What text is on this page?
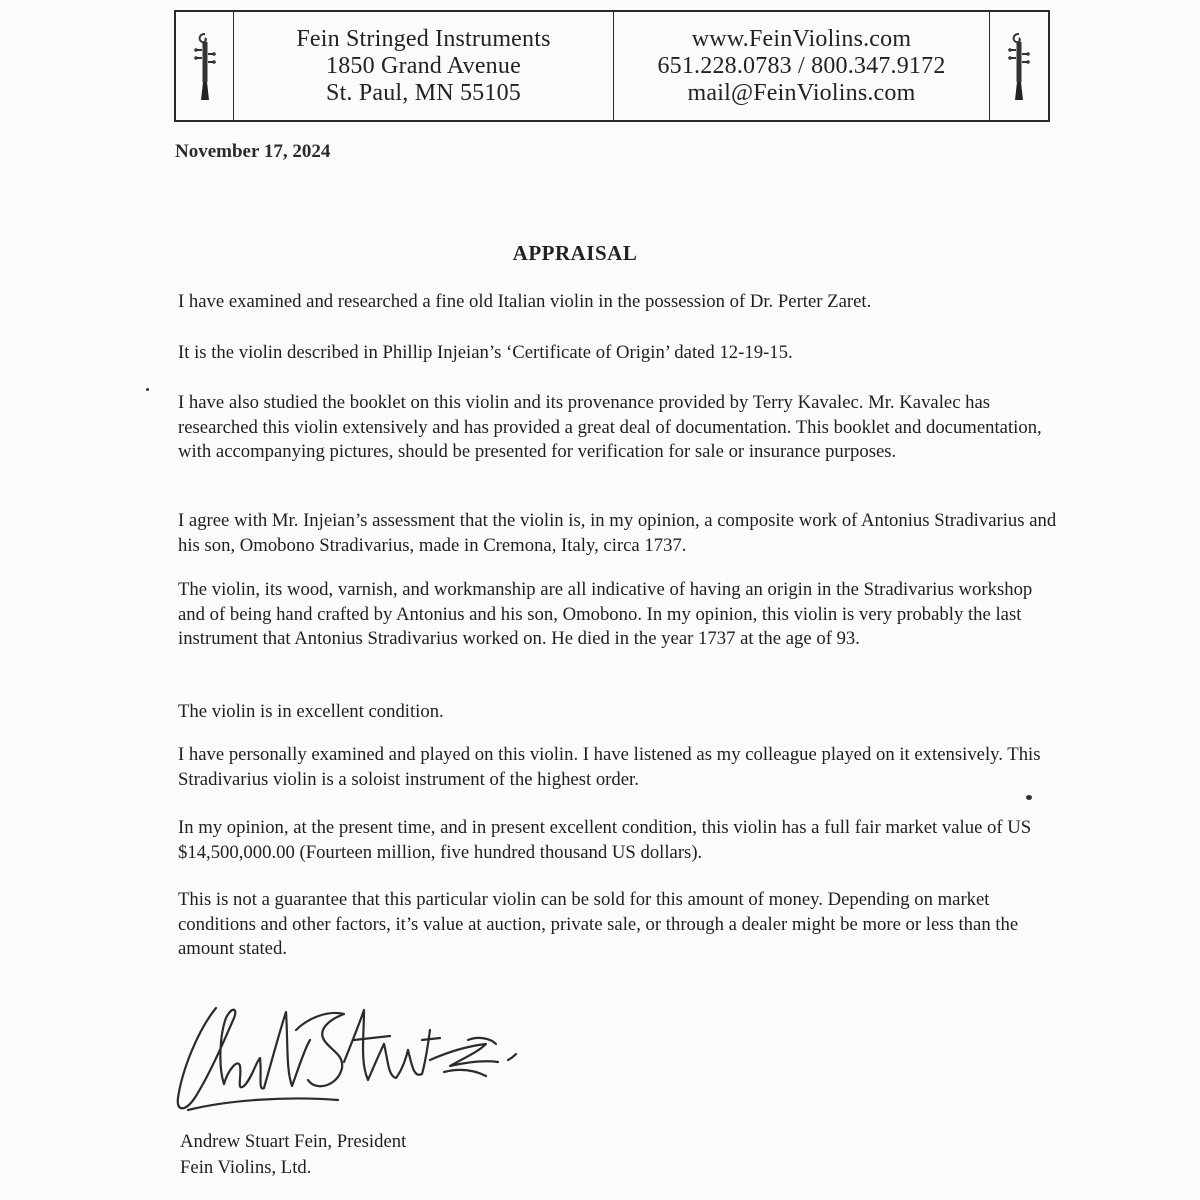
Fein Stringed Instruments
1850 Grand Avenue
St. Paul, MN 55105
www.FeinViolins.com
651.228.0783 / 800.347.9172
mail@FeinViolins.com
November 17, 2024
APPRAISAL

I have examined and researched a fine old Italian violin in the possession of Dr. Perter Zaret.

It is the violin described in Phillip Injeian’s ‘Certificate of Origin’ dated 12-19-15.

I have also studied the booklet on this violin and its provenance provided by Terry Kavalec. Mr. Kavalec has researched this violin extensively and has provided a great deal of documentation. This booklet and documentation, with accompanying pictures, should be presented for verification for sale or insurance purposes.

I agree with Mr. Injeian’s assessment that the violin is, in my opinion, a composite work of Antonius Stradivarius and his son, Omobono Stradivarius, made in Cremona, Italy, circa 1737.

The violin, its wood, varnish, and workmanship are all indicative of having an origin in the Stradivarius workshop and of being hand crafted by Antonius and his son, Omobono. In my opinion, this violin is very probably the last instrument that Antonius Stradivarius worked on. He died in the year 1737 at the age of 93.

The violin is in excellent condition.

I have personally examined and played on this violin. I have listened as my colleague played on it extensively. This Stradivarius violin is a soloist instrument of the highest order.

In my opinion, at the present time, and in present excellent condition, this violin has a full fair market value of US $14,500,000.00 (Fourteen million, five hundred thousand US dollars).

This is not a guarantee that this particular violin can be sold for this amount of money. Depending on market conditions and other factors, it’s value at auction, private sale, or through a dealer might be more or less than the amount stated.

Andrew Stuart Fein, President
Fein Violins, Ltd.
